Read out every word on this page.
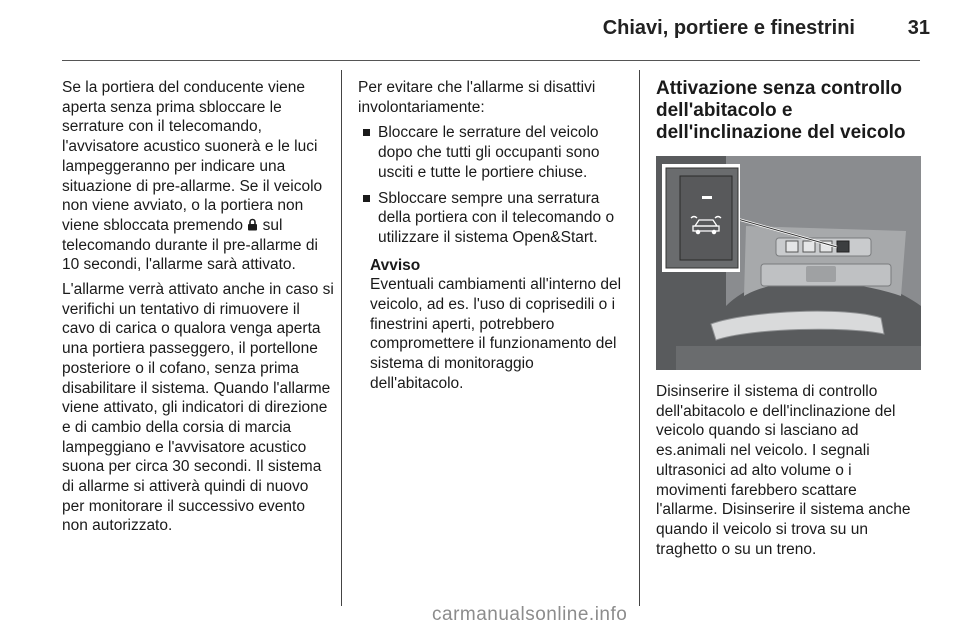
Chiavi, portiere e finestrini	31

Se la portiera del conducente viene aperta senza prima sbloccare le serrature con il telecomando, l'avvisatore acustico suonerà e le luci lampeggeranno per indicare una situazione di pre-allarme. Se il veicolo non viene avviato, o la portiera non viene sbloccata premendo  sul telecomando durante il pre-allarme di 10 secondi, l'allarme sarà attivato.

L'allarme verrà attivato anche in caso si verifichi un tentativo di rimuovere il cavo di carica o qualora venga aperta una portiera passeggero, il portellone posteriore o il cofano, senza prima disabilitare il sistema. Quando l'allarme viene attivato, gli indicatori di direzione e di cambio della corsia di marcia lampeggiano e l'avvisatore acustico suona per circa 30 secondi. Il sistema di allarme si attiverà quindi di nuovo per monitorare il successivo evento non autorizzato.

Per evitare che l'allarme si disattivi involontariamente:

Bloccare le serrature del veicolo dopo che tutti gli occupanti sono usciti e tutte le portiere chiuse.
Sbloccare sempre una serratura della portiera con il telecomando o utilizzare il sistema Open&Start.
Avviso
Eventuali cambiamenti all'interno del veicolo, ad es. l'uso di coprisedili o i finestrini aperti, potrebbero compromettere il funzionamento del sistema di monitoraggio dell'abitacolo.
Attivazione senza controllo dell'abitacolo e dell'inclinazione del veicolo

Disinserire il sistema di controllo dell'abitacolo e dell'inclinazione del veicolo quando si lasciano ad es.animali nel veicolo. I segnali ultrasonici ad alto volume o i movimenti farebbero scattare l'allarme. Disinserire il sistema anche quando il veicolo si trova su un traghetto o su un treno.

carmanualsonline.info
